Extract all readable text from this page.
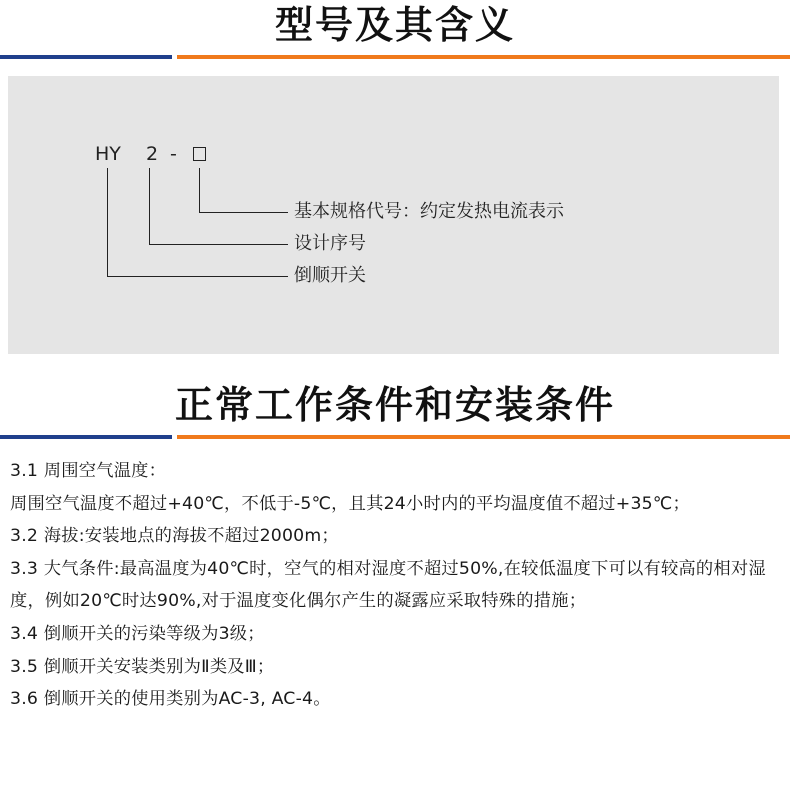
型号及其含义
HY 2 -
基本规格代号：约定发热电流表示
设计序号
倒顺开关
正常工作条件和安装条件

3.1 周围空气温度：

周围空气温度不超过+40℃，不低于-5℃，且其24小时内的平均温度值不超过+35℃；

3.2 海拔:安装地点的海拔不超过2000m；

3.3 大气条件:最高温度为40℃时，空气的相对湿度不超过50%,在较低温度下可以有较高的相对湿度，例如20℃时达90%,对于温度变化偶尔产生的凝露应采取特殊的措施；

3.4 倒顺开关的污染等级为3级；

3.5 倒顺开关安装类别为Ⅱ类及Ⅲ；

3.6 倒顺开关的使用类别为AC-3, AC-4。
